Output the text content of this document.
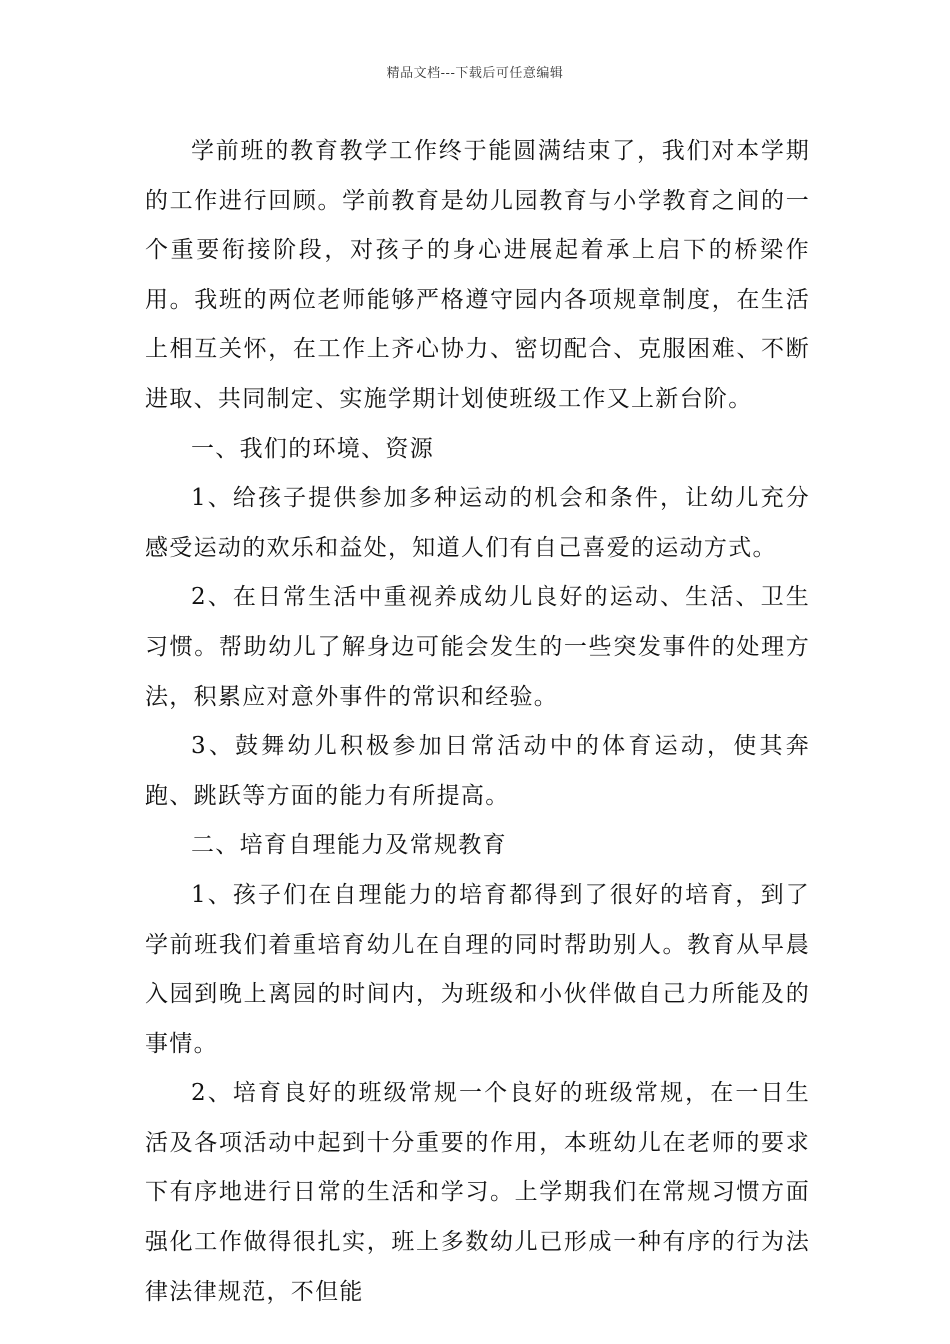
精品文档---下载后可任意编辑

学前班的教育教学工作终于能圆满结束了，我们对本学期的工作进行回顾。学前教育是幼儿园教育与小学教育之间的一个重要衔接阶段，对孩子的身心进展起着承上启下的桥梁作用。我班的两位老师能够严格遵守园内各项规章制度，在生活上相互关怀，在工作上齐心协力、密切配合、克服困难、不断进取、共同制定、实施学期计划使班级工作又上新台阶。

一、我们的环境、资源

1、给孩子提供参加多种运动的机会和条件，让幼儿充分感受运动的欢乐和益处，知道人们有自己喜爱的运动方式。

2、在日常生活中重视养成幼儿良好的运动、生活、卫生习惯。帮助幼儿了解身边可能会发生的一些突发事件的处理方法，积累应对意外事件的常识和经验。

3、鼓舞幼儿积极参加日常活动中的体育运动，使其奔跑、跳跃等方面的能力有所提高。

二、培育自理能力及常规教育

1、孩子们在自理能力的培育都得到了很好的培育，到了学前班我们着重培育幼儿在自理的同时帮助别人。教育从早晨入园到晚上离园的时间内，为班级和小伙伴做自己力所能及的事情。

2、培育良好的班级常规一个良好的班级常规，在一日生活及各项活动中起到十分重要的作用，本班幼儿在老师的要求下有序地进行日常的生活和学习。上学期我们在常规习惯方面强化工作做得很扎实，班上多数幼儿已形成一种有序的行为法律法律规范，不但能
